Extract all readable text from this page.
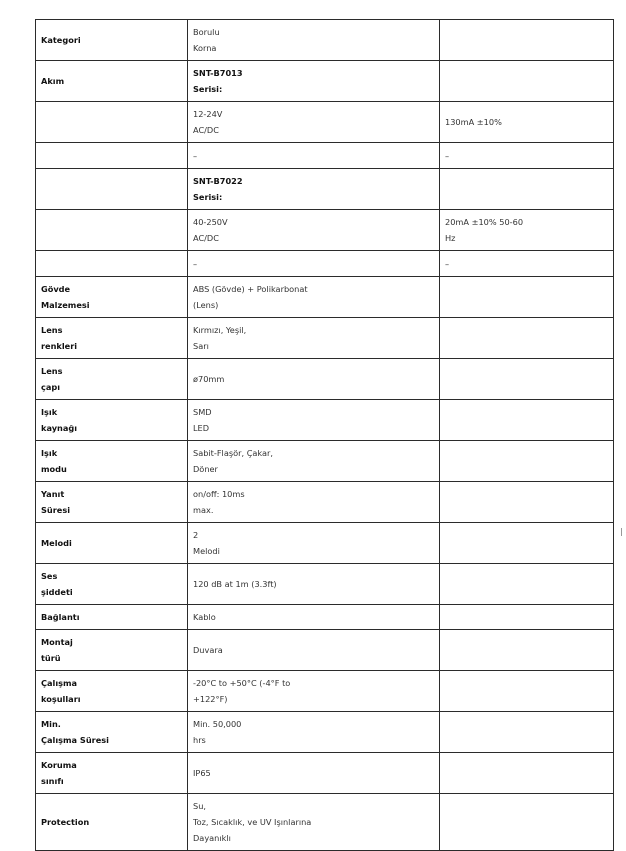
Kategori	Borulu
Korna	

Akım	SNT-B7013
Serisi:	

	12-24V
AC/DC	130mA ±10%

	–	–

	SNT-B7022
Serisi:	

	40-250V
AC/DC	20mA ±10% 50-60
Hz

	–	–

Gövde
Malzemesi	ABS (Gövde) + Polikarbonat
(Lens)	

Lens
renkleri	Kırmızı, Yeşil,
Sarı	

Lens
çapı	ø70mm	

Işık
kaynağı	SMD
LED	

Işık
modu	Sabit-Flaşör, Çakar,
Döner	

Yanıt
Süresi	on/off: 10ms
max.	

Melodi	2
Melodi	

Ses
şiddeti	120 dB at 1m (3.3ft)	

Bağlantı	Kablo	

Montaj
türü	Duvara	

Çalışma
koşulları	-20°C to +50°C (-4°F to
+122°F)	

Min.
Çalışma Süresi	Min. 50,000
hrs	

Koruma
sınıfı	IP65	

Protection	Su,
Toz, Sıcaklık, ve UV Işınlarına
Dayanıklı	
